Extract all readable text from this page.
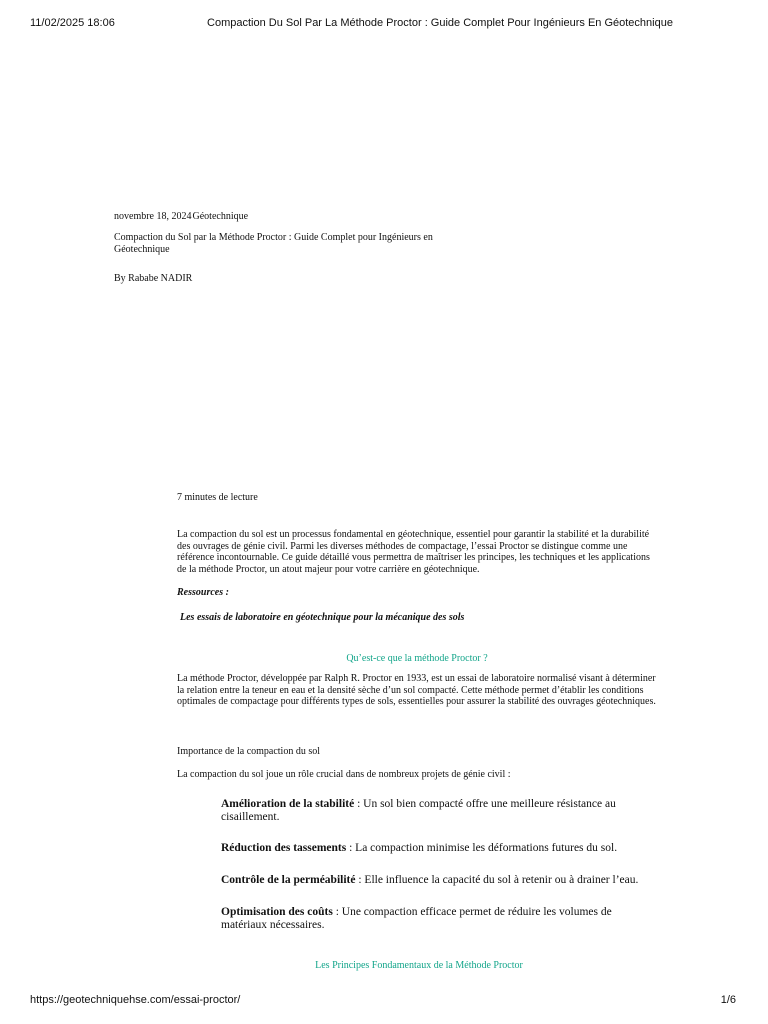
11/02/2025 18:06	Compaction Du Sol Par La Méthode Proctor : Guide Complet Pour Ingénieurs En Géotechnique
novembre 18, 2024Géotechnique
Compaction du Sol par la Méthode Proctor : Guide Complet pour Ingénieurs en Géotechnique
By Rababe NADIR
7 minutes de lecture
La compaction du sol est un processus fondamental en géotechnique, essentiel pour garantir la stabilité et la durabilité des ouvrages de génie civil. Parmi les diverses méthodes de compactage, l’essai Proctor se distingue comme une référence incontournable. Ce guide détaillé vous permettra de maîtriser les principes, les techniques et les applications de la méthode Proctor, un atout majeur pour votre carrière en géotechnique.
Ressources :
Les essais de laboratoire en géotechnique pour la mécanique des sols
Qu’est-ce que la méthode Proctor ?
La méthode Proctor, développée par Ralph R. Proctor en 1933, est un essai de laboratoire normalisé visant à déterminer la relation entre la teneur en eau et la densité sèche d’un sol compacté. Cette méthode permet d’établir les conditions optimales de compactage pour différents types de sols, essentielles pour assurer la stabilité des ouvrages géotechniques.
Importance de la compaction du sol
La compaction du sol joue un rôle crucial dans de nombreux projets de génie civil :
Amélioration de la stabilité : Un sol bien compacté offre une meilleure résistance au cisaillement.
Réduction des tassements : La compaction minimise les déformations futures du sol.
Contrôle de la perméabilité : Elle influence la capacité du sol à retenir ou à drainer l’eau.
Optimisation des coûts : Une compaction efficace permet de réduire les volumes de matériaux nécessaires.
Les Principes Fondamentaux de la Méthode Proctor
https://geotechniquehse.com/essai-proctor/	1/6
